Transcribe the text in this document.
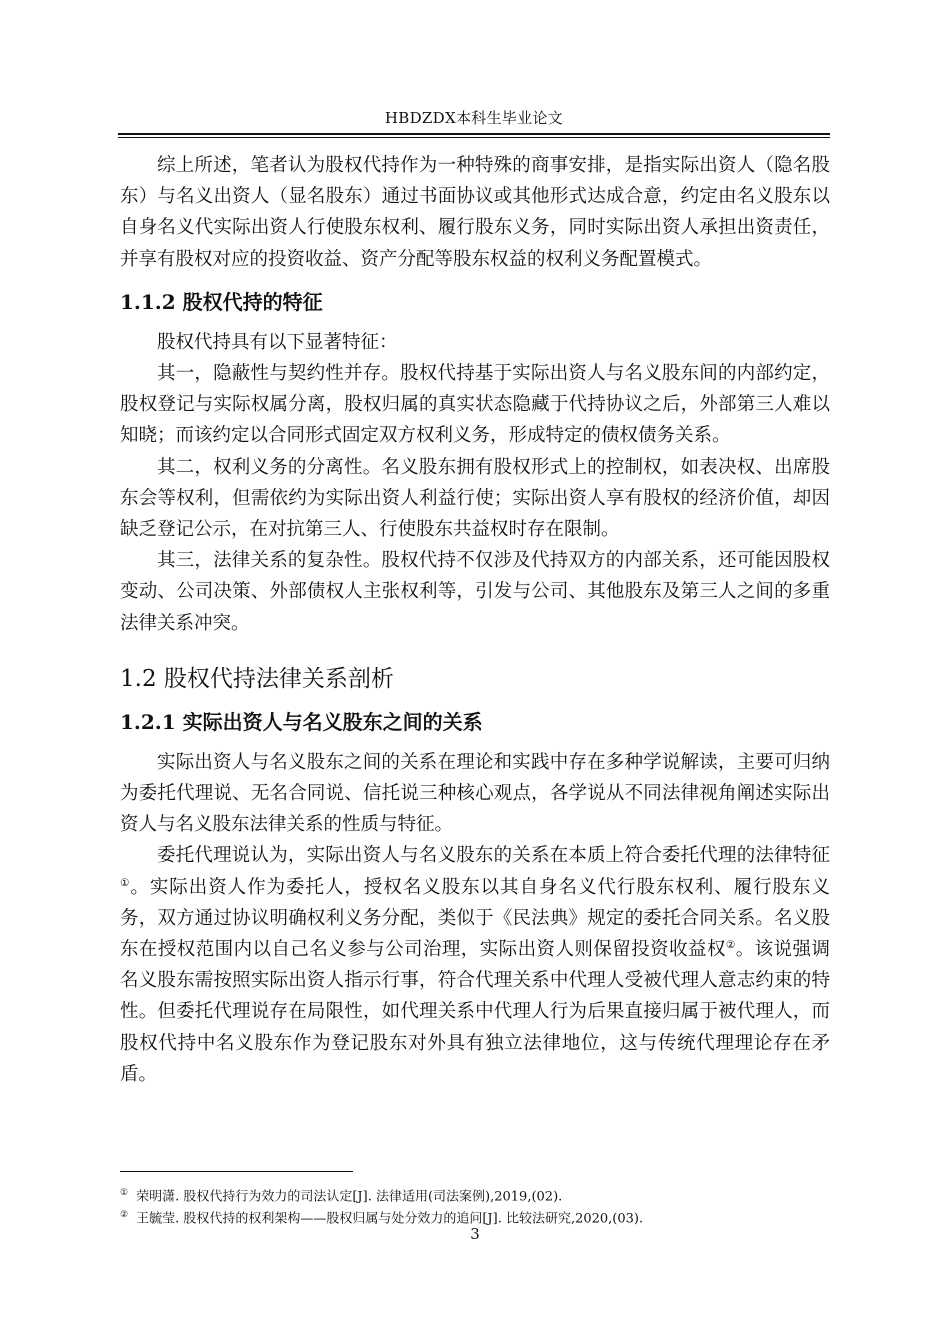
HBDZDX本科生毕业论文

综上所述，笔者认为股权代持作为一种特殊的商事安排，是指实际出资人（隐名股东）与名义出资人（显名股东）通过书面协议或其他形式达成合意，约定由名义股东以自身名义代实际出资人行使股东权利、履行股东义务，同时实际出资人承担出资责任，并享有股权对应的投资收益、资产分配等股东权益的权利义务配置模式。

1.1.2 股权代持的特征

股权代持具有以下显著特征：

其一，隐蔽性与契约性并存。股权代持基于实际出资人与名义股东间的内部约定，股权登记与实际权属分离，股权归属的真实状态隐藏于代持协议之后，外部第三人难以知晓；而该约定以合同形式固定双方权利义务，形成特定的债权债务关系。

其二，权利义务的分离性。名义股东拥有股权形式上的控制权，如表决权、出席股东会等权利，但需依约为实际出资人利益行使；实际出资人享有股权的经济价值，却因缺乏登记公示，在对抗第三人、行使股东共益权时存在限制。

其三，法律关系的复杂性。股权代持不仅涉及代持双方的内部关系，还可能因股权变动、公司决策、外部债权人主张权利等，引发与公司、其他股东及第三人之间的多重法律关系冲突。

1.2 股权代持法律关系剖析
1.2.1 实际出资人与名义股东之间的关系

实际出资人与名义股东之间的关系在理论和实践中存在多种学说解读，主要可归纳为委托代理说、无名合同说、信托说三种核心观点，各学说从不同法律视角阐述实际出资人与名义股东法律关系的性质与特征。

委托代理说认为，实际出资人与名义股东的关系在本质上符合委托代理的法律特征①。实际出资人作为委托人，授权名义股东以其自身名义代行股东权利、履行股东义务，双方通过协议明确权利义务分配，类似于《民法典》规定的委托合同关系。名义股东在授权范围内以自己名义参与公司治理，实际出资人则保留投资收益权②。该说强调名义股东需按照实际出资人指示行事，符合代理关系中代理人受被代理人意志约束的特性。但委托代理说存在局限性，如代理关系中代理人行为后果直接归属于被代理人，而股权代持中名义股东作为登记股东对外具有独立法律地位，这与传统代理理论存在矛盾。

① 荣明潇. 股权代持行为效力的司法认定[J]. 法律适用(司法案例),2019,(02).
② 王毓莹. 股权代持的权利架构——股权归属与处分效力的追问[J]. 比较法研究,2020,(03).
3
